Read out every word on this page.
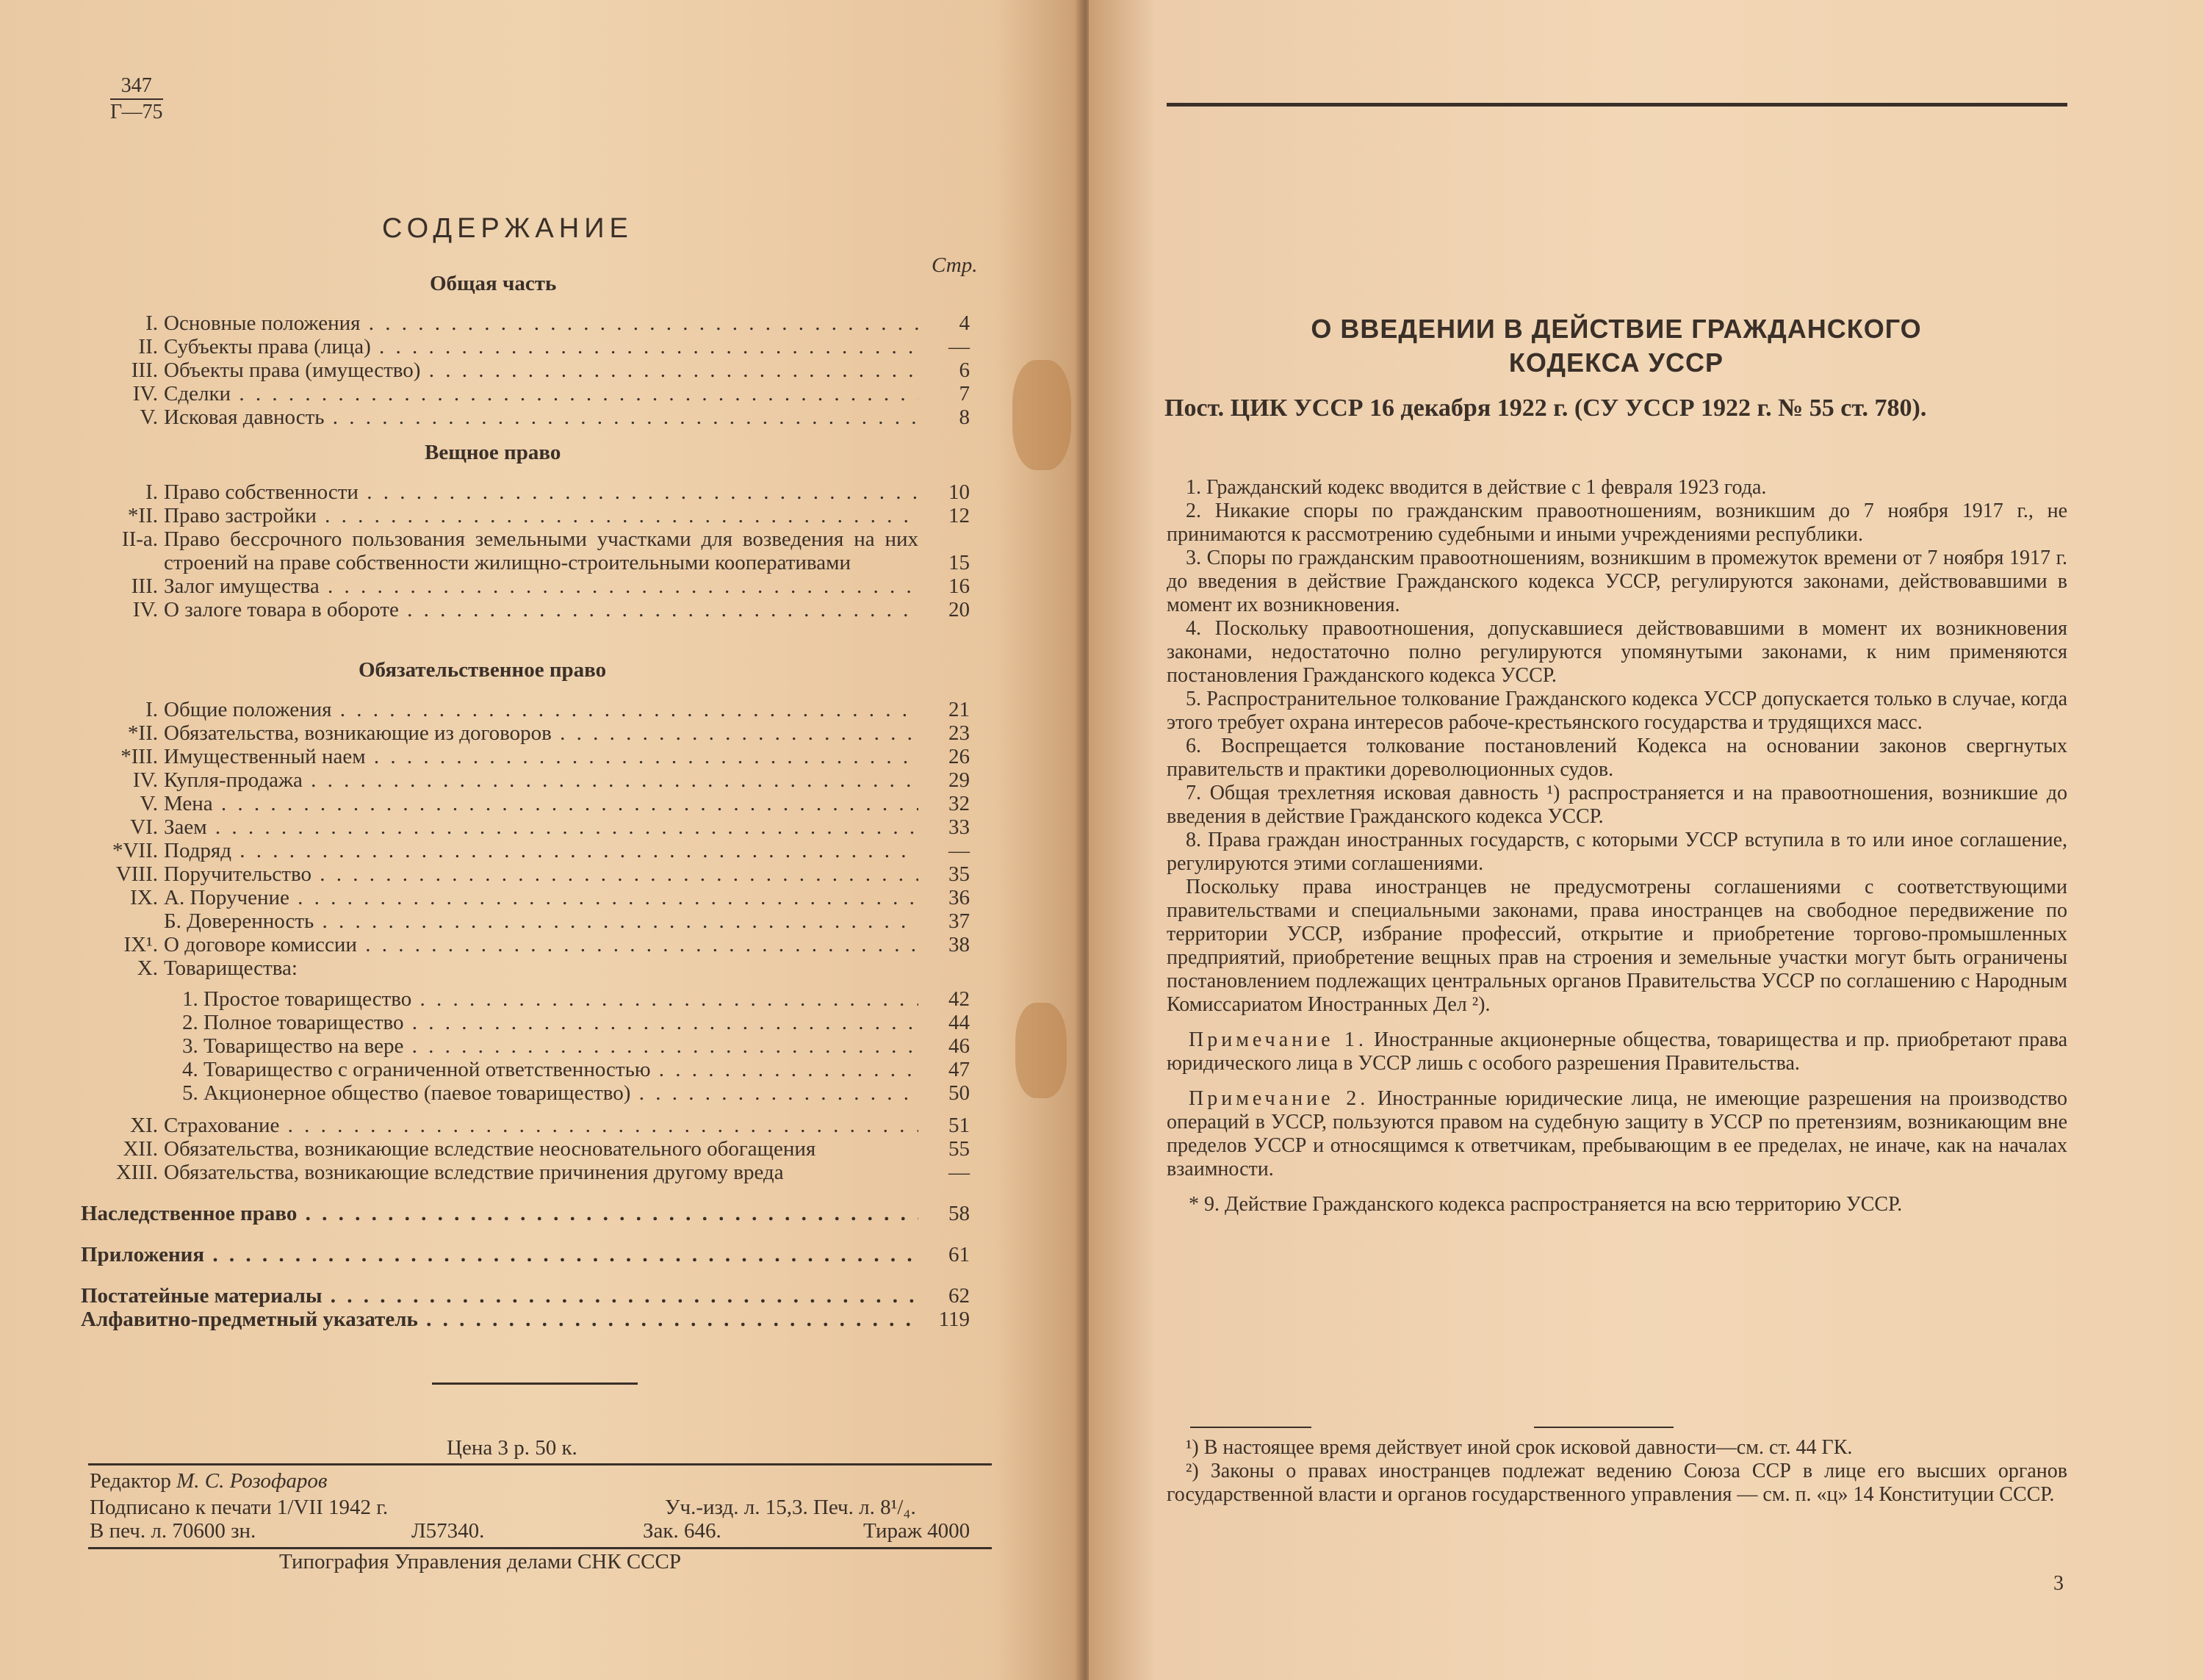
347
Г—75
СОДЕРЖАНИЕ
Стр.
Общая часть
I. Основные положения . . .	4
II. Субъекты права (лица) . . .	—
III. Объекты права (имущество) . . .	6
IV. Сделки . . .	7
V. Исковая давность . . .	8
Вещное право
I. Право собственности . . .	10
*II. Право застройки . . .	12
II-a. Право бессрочного пользования земельными участками для возведения на них строений на праве собственности жилищно-строительными кооперативами	15
III. Залог имущества . . .	16
IV. О залоге товара в обороте . . .	20
Обязательственное право
I. Общие положения . . .	21
*II. Обязательства, возникающие из договоров . . .	23
*III. Имущественный наем . . .	26
IV. Купля-продажа . . .	29
V. Мена . . .	32
VI. Заем . . .	33
*VII. Подряд . . .	—
VIII. Поручительство . . .	35
IX. А. Поручение . . .	36
Б. Доверенность . . .	37
IX¹. О договоре комиссии . . .	38
X. Товарищества:
1. Простое товарищество . . .	42
2. Полное товарищество . . .	44
3. Товарищество на вере . . .	46
4. Товарищество с ограниченной ответственностью . . .	47
5. Акционерное общество (паевое товарищество) . . .	50
XI. Страхование . . .	51
XII. Обязательства, возникающие вследствие неосновательного обогащения	55
XIII. Обязательства, возникающие вследствие причинения другому вреда	—
Наследственное право . . .	58
Приложения . . .	61
Постатейные материалы . . .	62
Алфавитно-предметный указатель . . .	119
Цена 3 р. 50 к.
Редактор М. С. Розофаров
Подписано к печати 1/VII 1942 г.	Уч.-изд. л. 15,3. Печ. л. 8¹/₄.
В печ. л. 70600 зн.	Л57340.	Зак. 646.	Тираж 4000
Типография Управления делами СНК СССР
О ВВЕДЕНИИ В ДЕЙСТВИЕ ГРАЖДАНСКОГО
КОДЕКСА УССР
Пост. ЦИК УССР 16 декабря 1922 г. (СУ УССР 1922 г. № 55 ст. 780).

1. Гражданский кодекс вводится в действие с 1 февраля 1923 года.

2. Никакие споры по гражданским правоотношениям, возникшим до 7 ноября 1917 г., не принимаются к рассмотрению судебными и иными учреждениями республики.

3. Споры по гражданским правоотношениям, возникшим в промежуток времени от 7 ноября 1917 г. до введения в действие Гражданского кодекса УССР, регулируются законами, действовавшими в момент их возникновения.

4. Поскольку правоотношения, допускавшиеся действовавшими в момент их возникновения законами, недостаточно полно регулируются упомянутыми законами, к ним применяются постановления Гражданского кодекса УССР.

5. Распространительное толкование Гражданского кодекса УССР допускается только в случае, когда этого требует охрана интересов рабоче-крестьянского государства и трудящихся масс.

6. Воспрещается толкование постановлений Кодекса на основании законов свергнутых правительств и практики дореволюционных судов.

7. Общая трехлетняя исковая давность ¹) распространяется и на правоотношения, возникшие до введения в действие Гражданского кодекса УССР.

8. Права граждан иностранных государств, с которыми УССР вступила в то или иное соглашение, регулируются этими соглашениями.

Поскольку права иностранцев не предусмотрены соглашениями с соответствующими правительствами и специальными законами, права иностранцев на свободное передвижение по территории УССР, избрание профессий, открытие и приобретение торгово-промышленных предприятий, приобретение вещных прав на строения и земельные участки могут быть ограничены постановлением подлежащих центральных органов Правительства УССР по соглашению с Народным Комиссариатом Иностранных Дел ²).

Примечание 1. Иностранные акционерные общества, товарищества и пр. приобретают права юридического лица в УССР лишь с особого разрешения Правительства.

Примечание 2. Иностранные юридические лица, не имеющие разрешения на производство операций в УССР, пользуются правом на судебную защиту в УССР по претензиям, возникающим вне пределов УССР и относящимся к ответчикам, пребывающим в ее пределах, не иначе, как на началах взаимности.

* 9. Действие Гражданского кодекса распространяется на всю территорию УССР.

¹) В настоящее время действует иной срок исковой давности—см. ст. 44 ГК.

²) Законы о правах иностранцев подлежат ведению Союза ССР в лице его высших органов государственной власти и органов государственного управления — см. п. «ц» 14 Конституции СССР.

3
